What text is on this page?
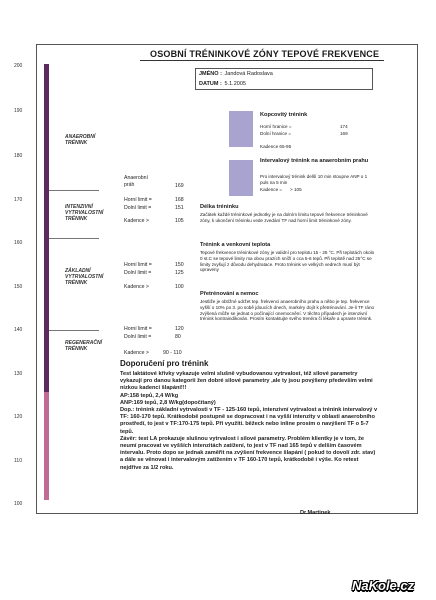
OSOBNÍ TRÉNINKOVÉ ZÓNY TEPOVÉ FREKVENCE
JMÉNO : Jandová Radoslava
DATUM : 5.1.2005
200
190
180
170
160
150
140
130
120
110
100
ANAEROBNÍ TRÉNINK
INTENZIVNÍ VYTRVALOSTNÍ TRÉNINK
ZÁKLADNÍ VYTRVALOSTNÍ TRÉNINK
REGENERAČNÍ TRÉNINK
Anaerobní práh	169
Horní limit =	168
Dolní limit =	151
Kadence >	105
Horní limit =	150
Dolní limit =	125
Kadence >	100
Horní limit =	120
Dolní limit =	80
Kadence >	90 - 110
Kopcovitý trénink
Horní hranice =	174
Dolní hranice =	169
Kadence 65-95
Intervalový trénink na anaerobním prahu
Pro intervalový trénink delší 10 min stoupne ANP o 1 puls na 5 min
Kadence = > 105
Délka tréninku
Začátek každé tréninkové jednotky je na dolním limitu tepové frekvence tréninkové zóny, k ukončení tréninku vede zvedání TF nad horní limit tréninkové zóny.
Trénink a venkovní teplota
Tepové frekvence tréninkové zóny je validní pro teplotu 15 - 25 °C. Při teplotách okolo 0 st.C se tepové limity ma obou prazích sníží o cca 5-6 tepů. Při teplotě nad 25°C se limity zvyšují z důvodu dehydratace. Proto trénink ve velkých vedrech musí být upraveny
Přetrénování a nemoc
Jestliže je obtížné udržet tep. frekvenci anaerobního prahu a něbo je tep. frekvence vyšší o 10% po 3. po sobě jdoucích dnech, markéry dojít k přetrénování. Je-li TF ráno zvýšená může se jednat o počínající onemocnění. V těchto případech je intenzivní trénink kontraindikován. Prosím kontaktujte svého trenéra či lékaře a upravte trénink.
Doporučení pro trénink

Test laktátové křivky vykazuje velmi slušně vybudovanou vytrvalost, též silové parametry vykazují pro danou kategorii žen dobré silové parametry ,ale ty jsou povýšeny především velmi nízkou kadencí šlapání!!!

AP:158 tepů, 2,4 W/kg

ANP:169 tepů, 2,8 W/kg(dopočítaný)

Dop.: trénink základní vytrvalosti v TF - 125-160 tepů, intenzivní vytrvalost a trénink intervalový v TF: 160-170 tepů. Krátkodobě postupně se dopracovat i na vyšší intenzity v oblasti anaerobního prostředí, to jest v TF:170-175 tepů. Při využití. běžeck nebo inline prosím o navýšení TF o 5-7 tepů.

Závěr: test LA prokazuje slušnou vytrvalost i silové parametry. Problém klientky je v tom, že neumí pracovat ve vyšších intenzitách zatížení, to jest v TF nad 165 tepů v delším časovém intervalu. Proto dopo se jednak zaměřit na zvýšení frekvence šlapání ( pokud to dovolí zdr. stav) a dále se věnovat i intervalovým zatížením v TF 160-170 tepů, krátkodobě i výše. Ko retest nejdříve za 1/2 roku.

Dr.Martinek
NaKole.cz
